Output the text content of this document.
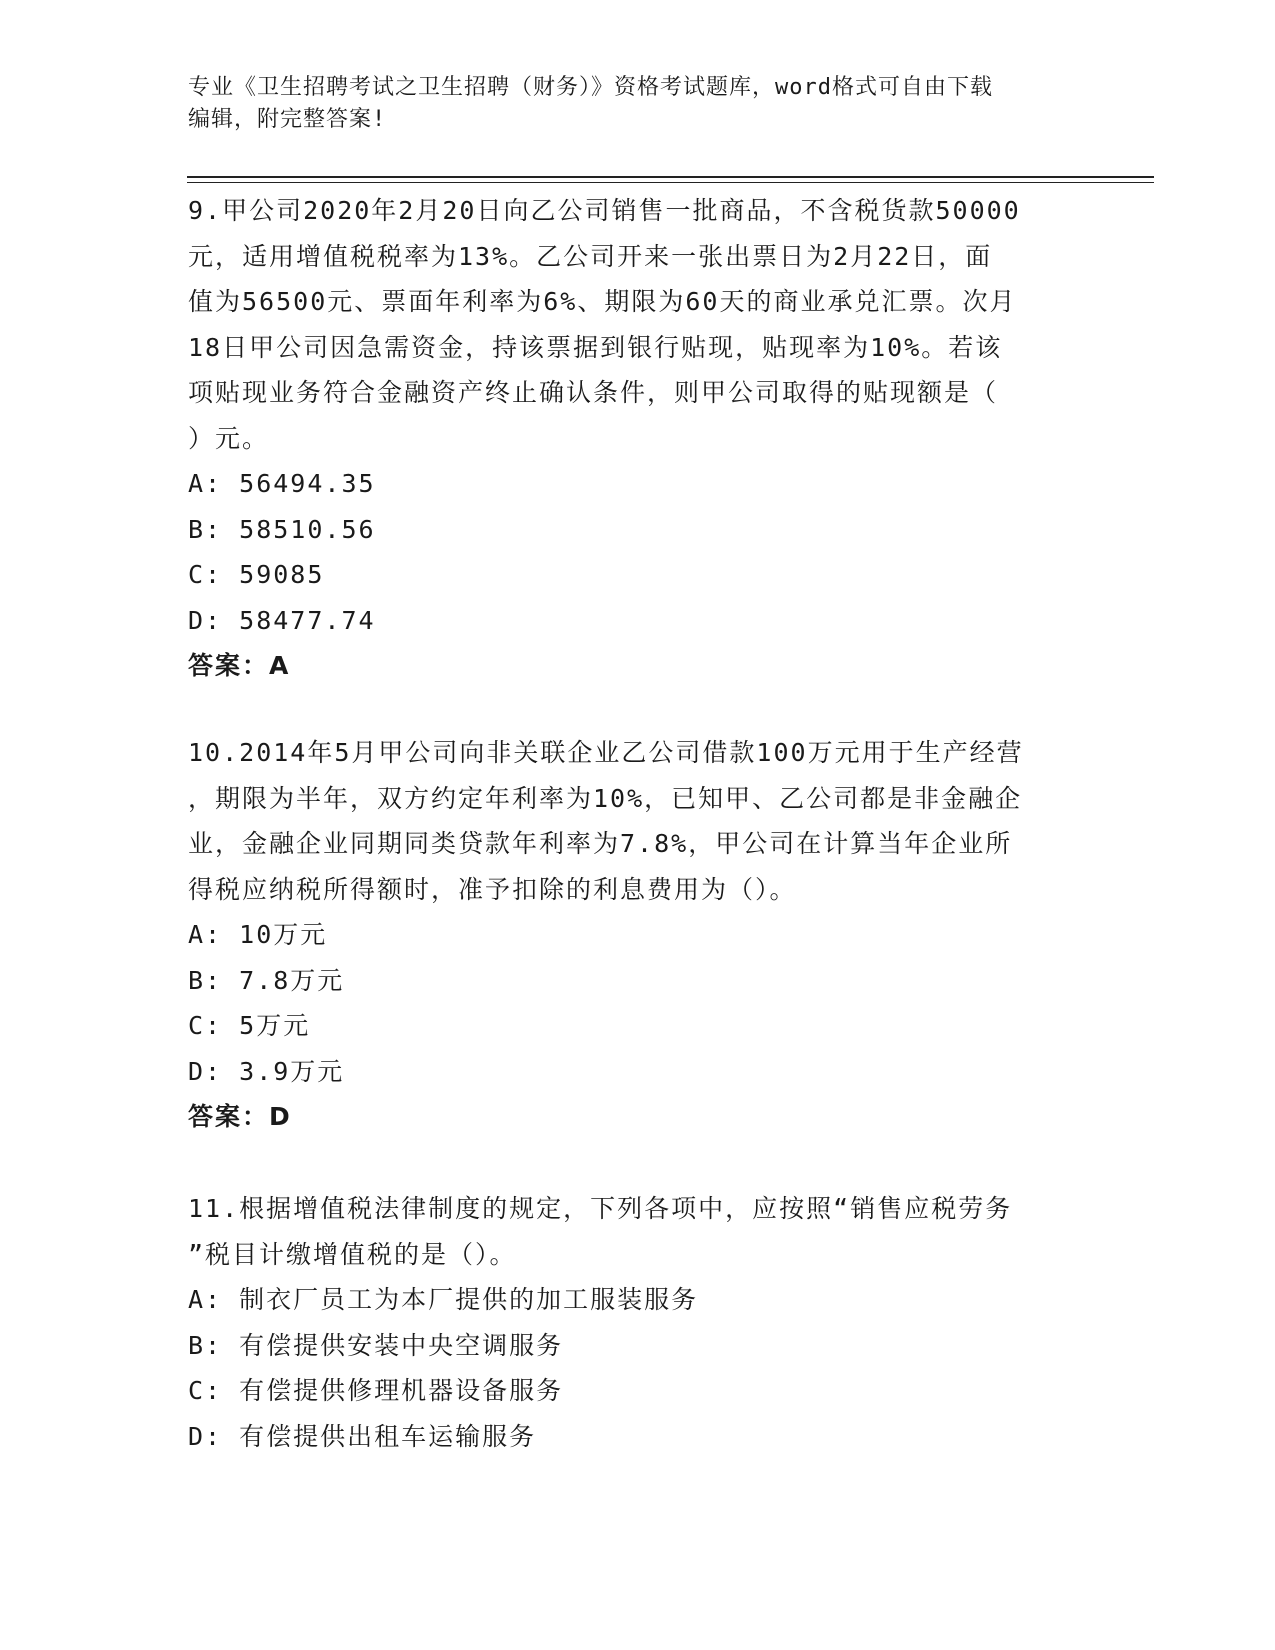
专业《卫生招聘考试之卫生招聘（财务）》资格考试题库，word格式可自由下载
编辑，附完整答案!

9.甲公司2020年2月20日向乙公司销售一批商品，不含税货款50000

元，适用增值税税率为13%。乙公司开来一张出票日为2月22日，面

值为56500元、票面年利率为6%、期限为60天的商业承兑汇票。次月

18日甲公司因急需资金，持该票据到银行贴现，贴现率为10%。若该

项贴现业务符合金融资产终止确认条件，则甲公司取得的贴现额是（

）元。

A: 56494.35

B: 58510.56

C: 59085

D: 58477.74

答案：A

10.2014年5月甲公司向非关联企业乙公司借款100万元用于生产经营

，期限为半年，双方约定年利率为10%，已知甲、乙公司都是非金融企

业，金融企业同期同类贷款年利率为7.8%，甲公司在计算当年企业所

得税应纳税所得额时，准予扣除的利息费用为（）。

A: 10万元

B: 7.8万元

C: 5万元

D: 3.9万元

答案：D

11.根据增值税法律制度的规定，下列各项中，应按照“销售应税劳务

”税目计缴增值税的是（）。

A: 制衣厂员工为本厂提供的加工服装服务

B: 有偿提供安装中央空调服务

C: 有偿提供修理机器设备服务

D: 有偿提供出租车运输服务
